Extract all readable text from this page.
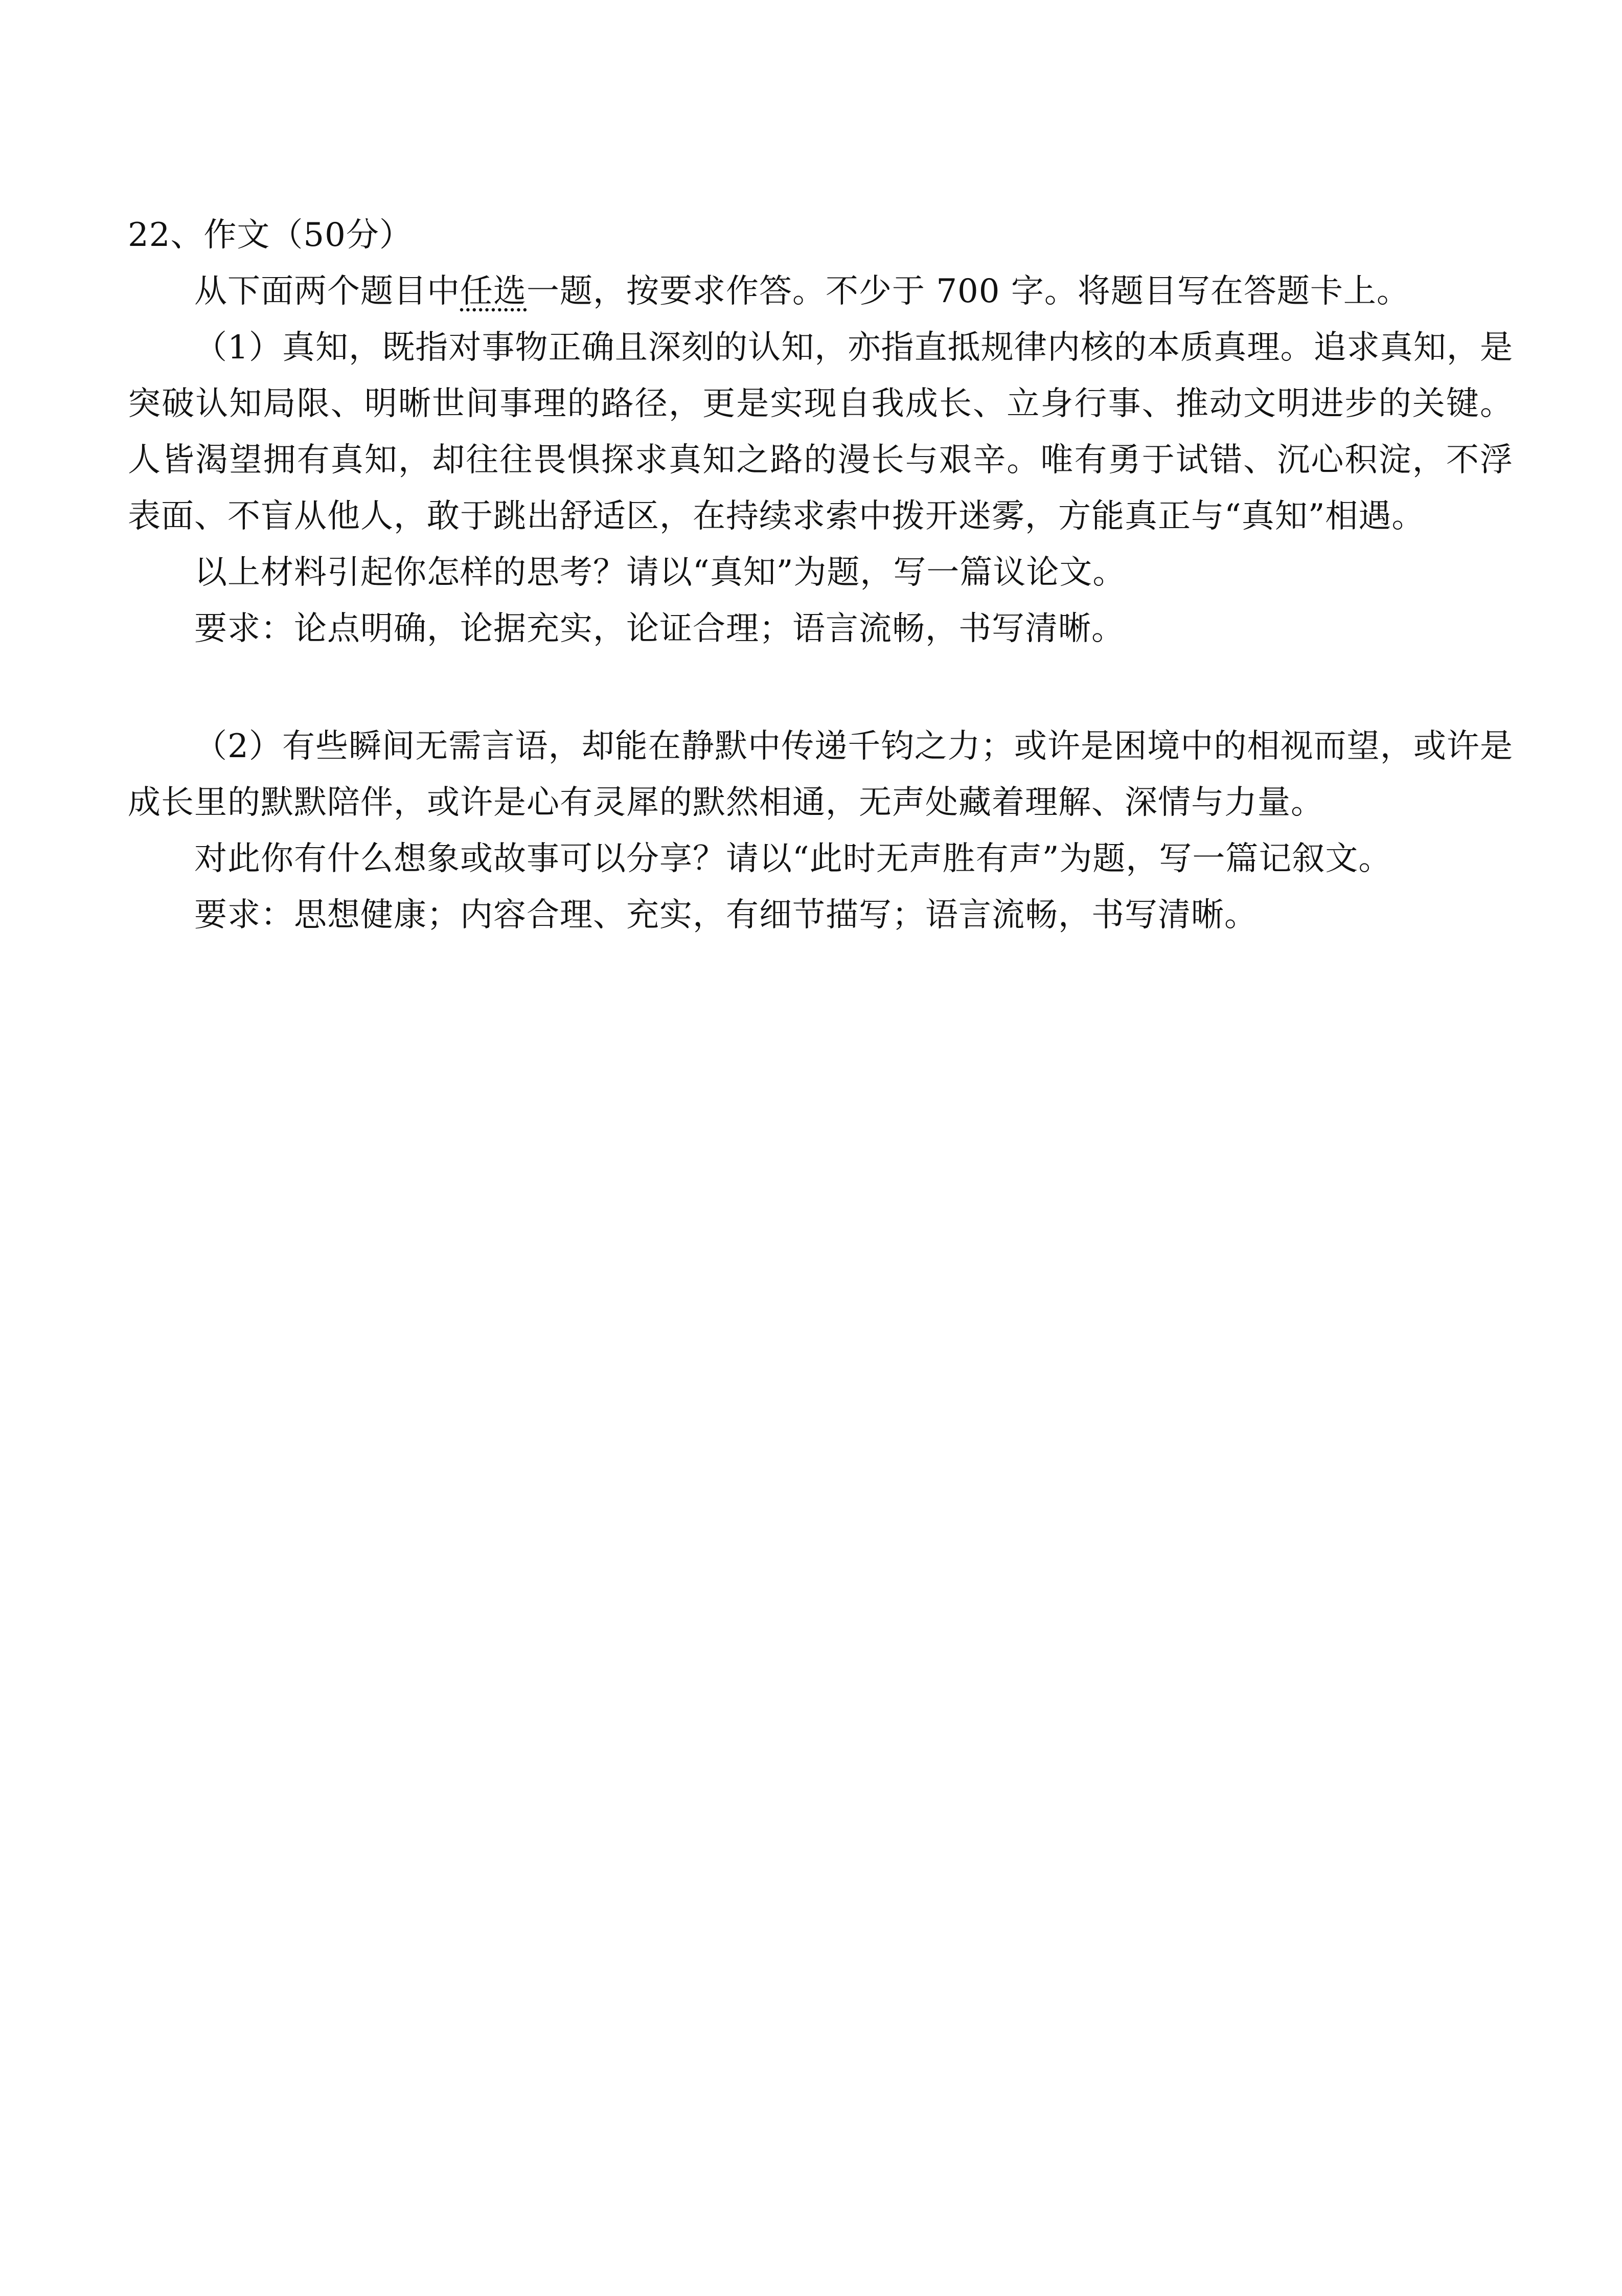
22、作文（50分）
从下面两个题目中任选一题，按要求作答。不少于 700 字。将题目写在答题卡上。
（1）真知，既指对事物正确且深刻的认知，亦指直抵规律内核的本质真理。追求真知，是
突破认知局限、明晰世间事理的路径，更是实现自我成长、立身行事、推动文明进步的关键。
人皆渴望拥有真知，却往往畏惧探求真知之路的漫长与艰辛。唯有勇于试错、沉心积淀，不浮
表面、不盲从他人，敢于跳出舒适区，在持续求索中拨开迷雾，方能真正与“真知”相遇。
以上材料引起你怎样的思考？请以“真知”为题，写一篇议论文。
要求：论点明确，论据充实，论证合理；语言流畅，书写清晰。
（2）有些瞬间无需言语，却能在静默中传递千钧之力；或许是困境中的相视而望，或许是
成长里的默默陪伴，或许是心有灵犀的默然相通，无声处藏着理解、深情与力量。
对此你有什么想象或故事可以分享？请以“此时无声胜有声”为题，写一篇记叙文。
要求：思想健康；内容合理、充实，有细节描写；语言流畅，书写清晰。
